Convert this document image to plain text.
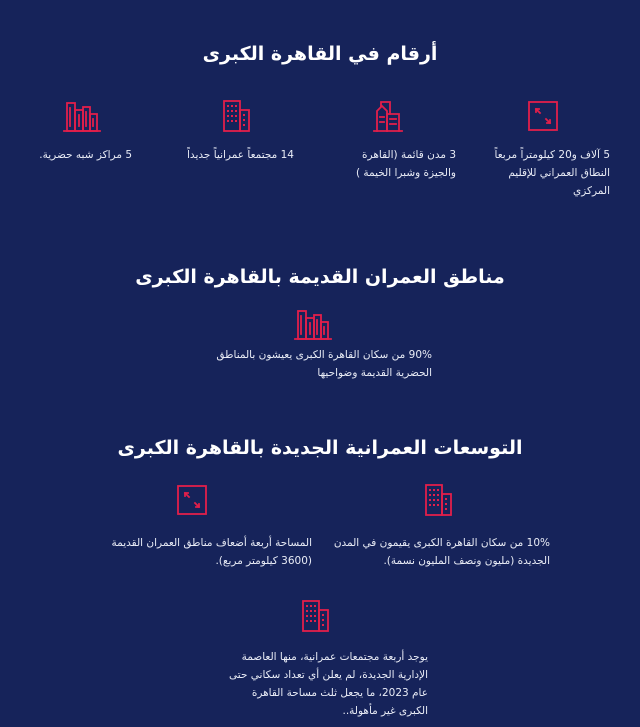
أرقام في القاهرة الكبرى
5 آلاف و20 كيلومتراً مربعاً النطاق العمراني للإقليم المركزي
3 مدن قائمة (القاهرة والجيزة وشبرا الخيمة )
14 مجتمعاً عمرانياً جديداً
5 مراكز شبه حضرية.
مناطق العمران القديمة بالقاهرة الكبرى
90% من سكان القاهرة الكبرى يعيشون بالمناطق الحضرية القديمة وضواحيها
التوسعات العمرانية الجديدة بالقاهرة الكبرى
10% من سكان القاهرة الكبرى يقيمون في المدن الجديدة (مليون ونصف المليون نسمة).
المساحة أربعة أضعاف مناطق العمران القديمة (3600 كيلومتر مربع).
يوجد أربعة مجتمعات عمرانية، منها العاصمة الإدارية الجديدة، لم يعلن أي تعداد سكاني حتى عام 2023، ما يجعل ثلث مساحة القاهرة الكبرى غير مأهولة..
